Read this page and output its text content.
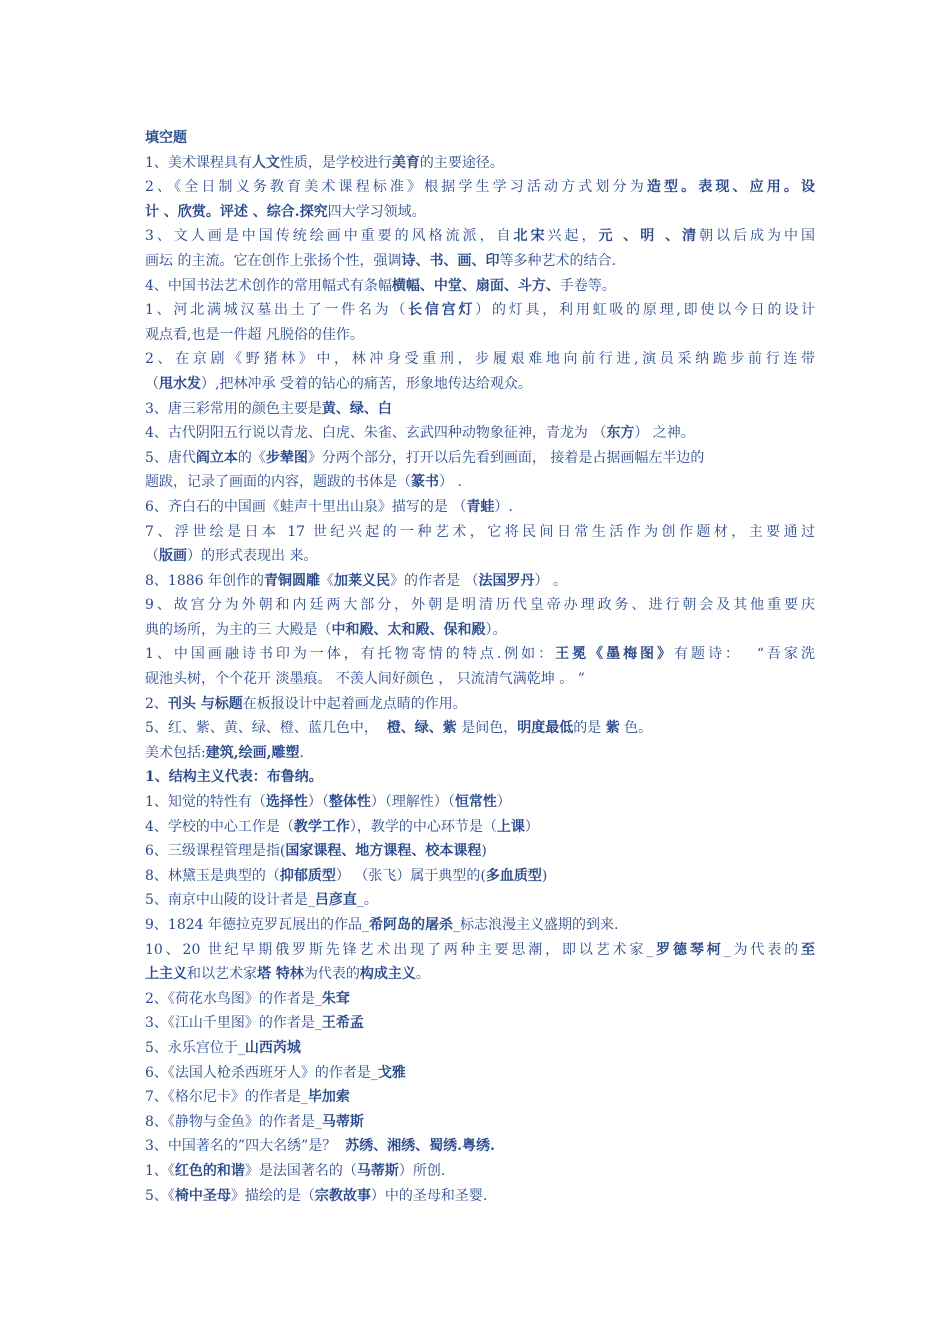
填空题
1、美术课程具有人文性质，是学校进行美育的主要途径。
2、《全日制义务教育美术课程标准》根据学生学习活动方式划分为造型。表现、应用。设
计 、欣赏。评述 、综合.探究四大学习领域。
3、文人画是中国传统绘画中重要的风格流派，自北宋兴起，元 、明 、清朝以后成为中国
画坛 的主流。它在创作上张扬个性，强调诗、书、画、印等多种艺术的结合.
4、中国书法艺术创作的常用幅式有条幅横幅、中堂、扇面、斗方、手卷等。
1、河北满城汉墓出土了一件名为（长信宫灯）的灯具，利用虹吸的原理,即使以今日的设计
观点看,也是一件超 凡脱俗的佳作。
2、在京剧《野猪林》中，林冲身受重刑，步履艰难地向前行进,演员采纳跪步前行连带
（甩水发）,把林冲承 受着的钻心的痛苦，形象地传达给观众。
3、唐三彩常用的颜色主要是黄、绿、白
4、古代阴阳五行说以青龙、白虎、朱雀、玄武四种动物象征神，青龙为 （东方） 之神。
5、唐代阎立本的《步辇图》分两个部分，打开以后先看到画面， 接着是占据画幅左半边的
题跋，记录了画面的内容，题跋的书体是（篆书） .
6、齐白石的中国画《蛙声十里出山泉》描写的是 （青蛙）.
7、浮世绘是日本 17 世纪兴起的一种艺术，它将民间日常生活作为创作题材，主要通过
（版画）的形式表现出 来。
8、1886 年创作的青铜圆雕《加莱义民》的作者是 （法国罗丹） 。
9、故宫分为外朝和内廷两大部分，外朝是明清历代皇帝办理政务、进行朝会及其他重要庆
典的场所，为主的三 大殿是（中和殿、太和殿、保和殿）。
1、中国画融诗书印为一体，有托物寄情的特点.例如：王冕《墨梅图》有题诗：  “吾家洗
砚池头树，个个花开 淡墨痕。 不羡人间好颜色 ， 只流清气满乾坤 。 ”
2、刊头 与标题在板报设计中起着画龙点睛的作用。
5、红、紫、黄、绿、橙、蓝几色中，  橙、绿、紫 是间色，明度最低的是 紫 色。
美术包括:建筑,绘画,雕塑.
1、结构主义代表：布鲁纳。
1、知觉的特性有（选择性）（整体性）（理解性）（恒常性）
4、学校的中心工作是（教学工作），教学的中心环节是（上课）
6、三级课程管理是指(国家课程、地方课程、校本课程)
8、林黛玉是典型的（抑郁质型） （张飞）属于典型的(多血质型)
5、南京中山陵的设计者是_吕彦直_。
9、1824 年德拉克罗瓦展出的作品_希阿岛的屠杀_标志浪漫主义盛期的到来.
10、20 世纪早期俄罗斯先锋艺术出现了两种主要思潮，即以艺术家_罗德琴柯_为代表的至
上主义和以艺术家塔 特林为代表的构成主义。
2、《荷花水鸟图》的作者是_朱耷
3、《江山千里图》的作者是_王希孟
5、永乐宫位于_山西芮城
6、《法国人枪杀西班牙人》的作者是_戈雅
7、《格尔尼卡》的作者是_毕加索
8、《静物与金鱼》的作者是_马蒂斯
3、中国著名的”四大名绣”是？  苏绣、湘绣、蜀绣.粤绣.
1、《红色的和谐》是法国著名的（马蒂斯）所创.
5、《椅中圣母》描绘的是（宗教故事）中的圣母和圣婴.
